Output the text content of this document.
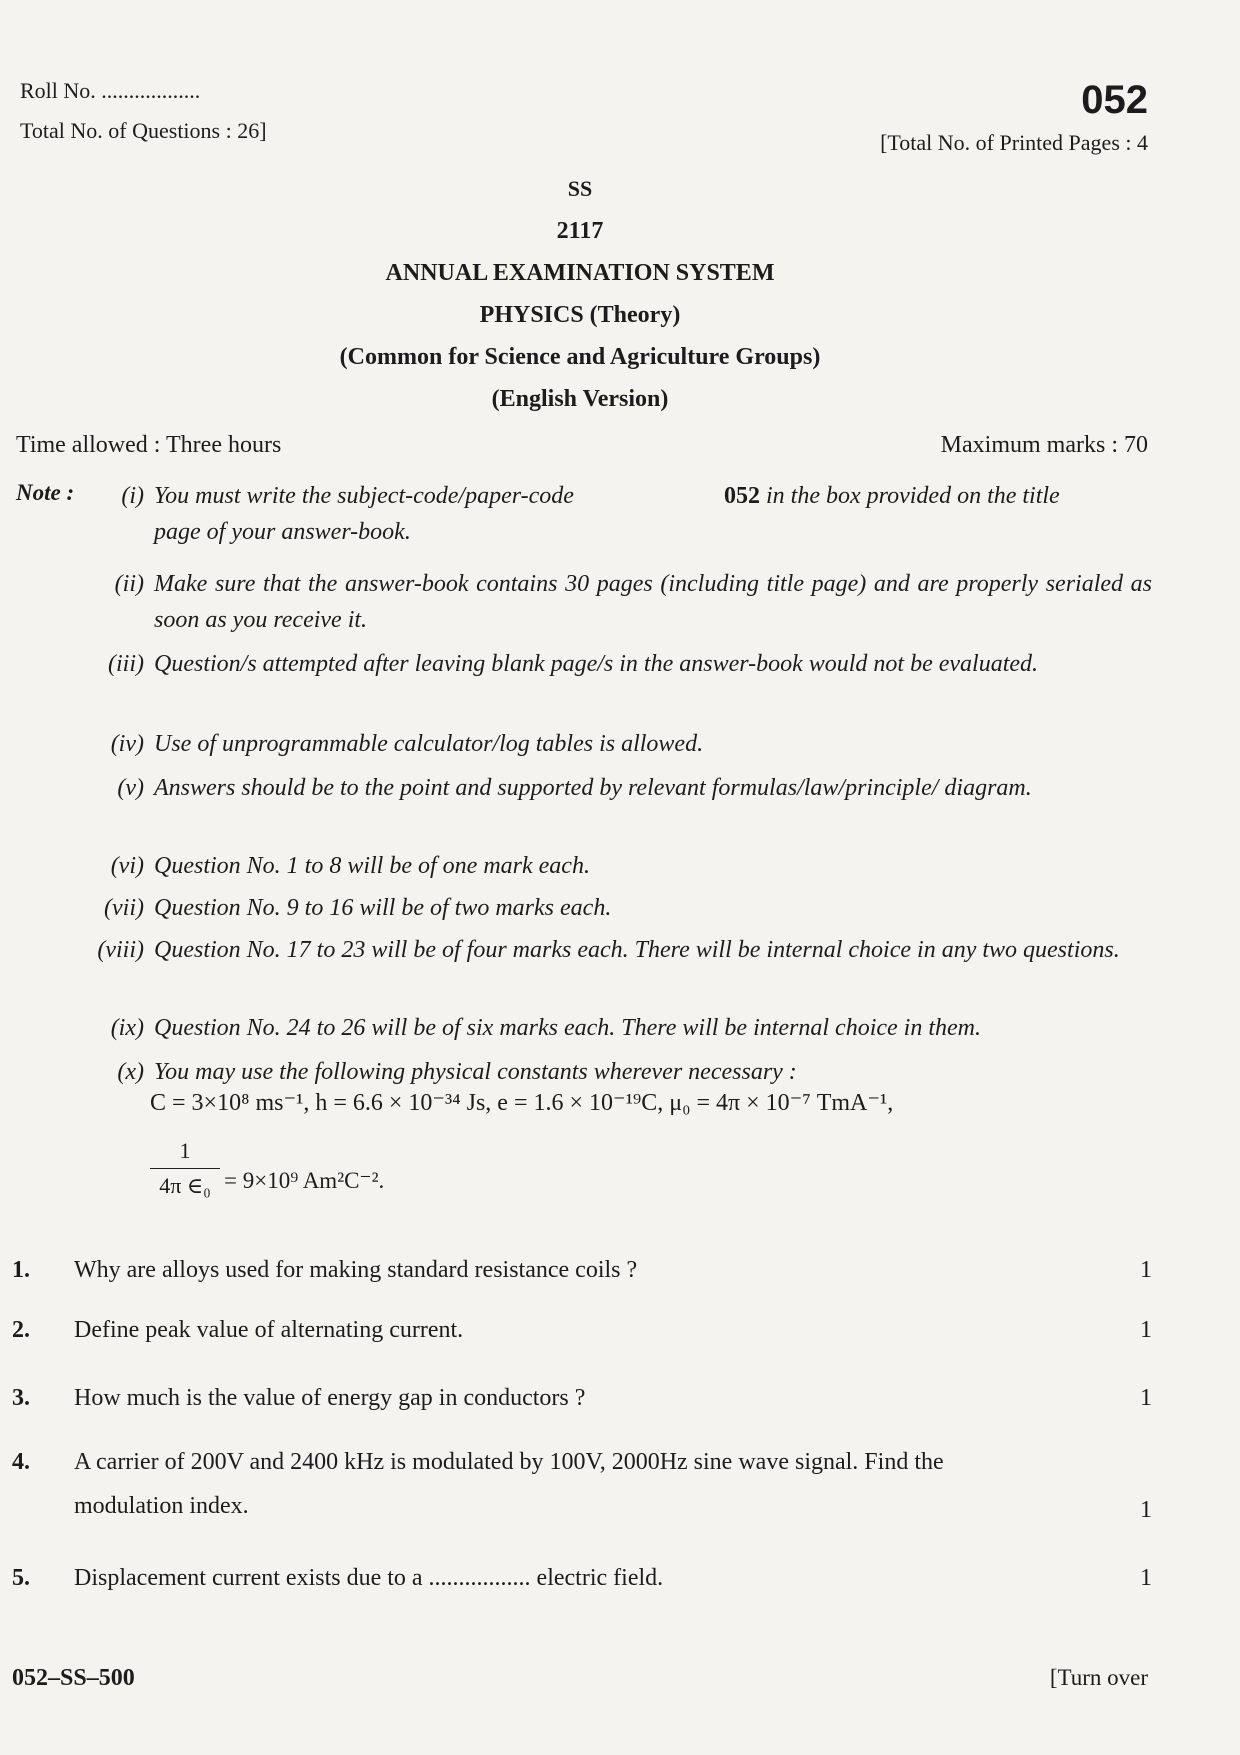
Roll No. ..................	052
Total No. of Questions : 26]	[Total No. of Printed Pages : 4
SS
2117
ANNUAL EXAMINATION SYSTEM
PHYSICS (Theory)
(Common for Science and Agriculture Groups)
(English Version)
Time allowed : Three hours	Maximum marks : 70
Note :	(i) You must write the subject-code/paper-code	052 in the box provided on the title
page of your answer-book.
(ii) Make sure that the answer-book contains 30 pages (including title page) and are properly serialed as soon as you receive it.
(iii) Question/s attempted after leaving blank page/s in the answer-book would not be evaluated.
(iv) Use of unprogrammable calculator/log tables is allowed.
(v) Answers should be to the point and supported by relevant formulas/law/principle/ diagram.
(vi) Question No. 1 to 8 will be of one mark each.
(vii) Question No. 9 to 16 will be of two marks each.
(viii) Question No. 17 to 23 will be of four marks each. There will be internal choice in any two questions.
(ix) Question No. 24 to 26 will be of six marks each. There will be internal choice in them.
(x) You may use the following physical constants wherever necessary :
C = 3×10⁸ ms⁻¹, h = 6.6 × 10⁻³⁴ Js, e = 1.6 × 10⁻¹⁹C, μ₀ = 4π × 10⁻⁷ TmA⁻¹,
1
4π ∈₀ = 9×10⁹ Am²C⁻².
1. Why are alloys used for making standard resistance coils ?	1
2. Define peak value of alternating current.	1
3. How much is the value of energy gap in conductors ?	1
4. A carrier of 200V and 2400 kHz is modulated by 100V, 2000Hz sine wave signal. Find the
modulation index.	1
5. Displacement current exists due to a ................. electric field.	1
052–SS–500	[Turn over
